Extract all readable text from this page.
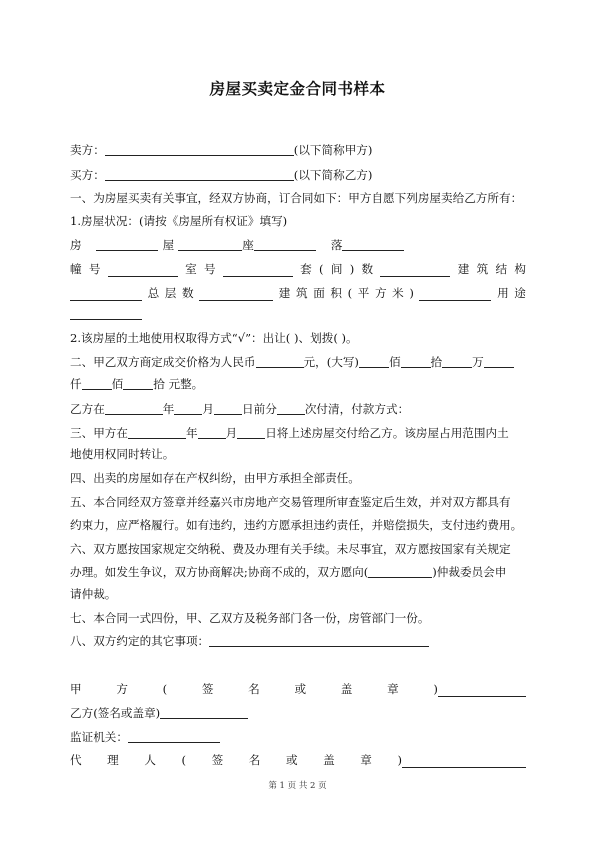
房屋买卖定金合同书样本
卖方：	(以下简称甲方)
买方：	(以下简称乙方)
一、为房屋买卖有关事宜，经双方协商，订合同如下：甲方自愿下列房屋卖给乙方所有：
1.房屋状况：(请按《房屋所有权证》填写)
房	屋	座	落
幢 号	室 号	套 ( 间 ) 数	建 筑 结 构
总 层 数	建 筑 面 积 ( 平 方 米 )	用 途
2.该房屋的土地使用权取得方式“√”：出让( )、划拨( )。
二、甲乙双方商定成交价格为人民币	元，(大写)	佰	拾	万
仟	佰	拾 元整。
乙方在	年 月 日前分 次付清，付款方式：
三、甲方在	年 月 日将上述房屋交付给乙方。该房屋占用范围内土
地使用权同时转让。
四、出卖的房屋如存在产权纠纷，由甲方承担全部责任。
五、本合同经双方签章并经嘉兴市房地产交易管理所审查鉴定后生效，并对双方都具有
约束力，应严格履行。如有违约，违约方愿承担违约责任，并赔偿损失，支付违约费用。
六、双方愿按国家规定交纳税、费及办理有关手续。未尽事宜，双方愿按国家有关规定
办理。如发生争议，双方协商解决;协商不成的，双方愿向(	)仲裁委员会申
请仲裁。
七、本合同一式四份，甲、乙双方及税务部门各一份，房管部门一份。
八、双方约定的其它事项：
甲	方	(	签	名	或	盖	章	)
乙方(签名或盖章)
监证机关：
代 理 人 ( 签 名 或 盖 章 )
第 1 页 共 2 页
